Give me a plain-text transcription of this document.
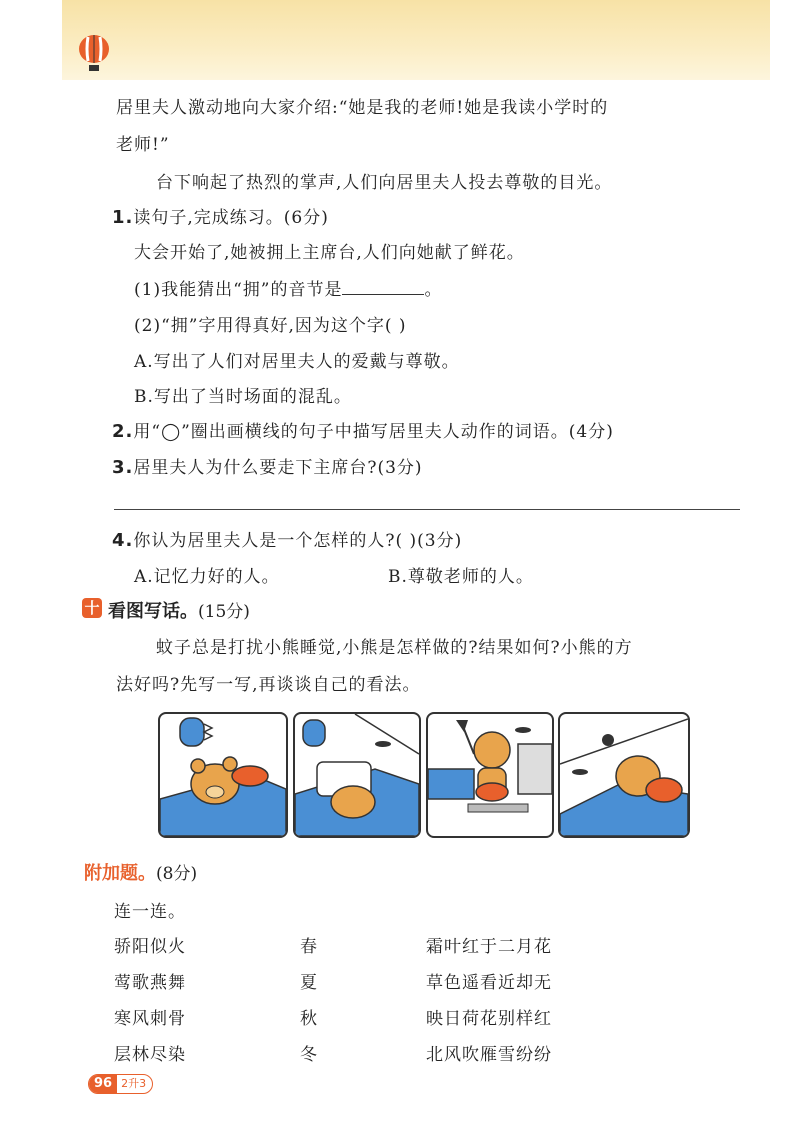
居里夫人激动地向大家介绍:“她是我的老师!她是我读小学时的
老师!”
台下响起了热烈的掌声,人们向居里夫人投去尊敬的目光。
1.读句子,完成练习。(6分)
大会开始了,她被拥上主席台,人们向她献了鲜花。
(1)我能猜出“拥”的音节是	。
(2)“拥”字用得真好,因为这个字( )
A.写出了人们对居里夫人的爱戴与尊敬。
B.写出了当时场面的混乱。
2.用“◯”圈出画横线的句子中描写居里夫人动作的词语。(4分)
3.居里夫人为什么要走下主席台?(3分)
4.你认为居里夫人是一个怎样的人?( )(3分)
A.记忆力好的人。	B.尊敬老师的人。
十 看图写话。(15分)
蚊子总是打扰小熊睡觉,小熊是怎样做的?结果如何?小熊的方
法好吗?先写一写,再谈谈自己的看法。
附加题。(8分)
连一连。
骄阳似火
莺歌燕舞
寒风刺骨
层林尽染
春
夏
秋
冬
霜叶红于二月花
草色遥看近却无
映日荷花别样红
北风吹雁雪纷纷
96 2升3
